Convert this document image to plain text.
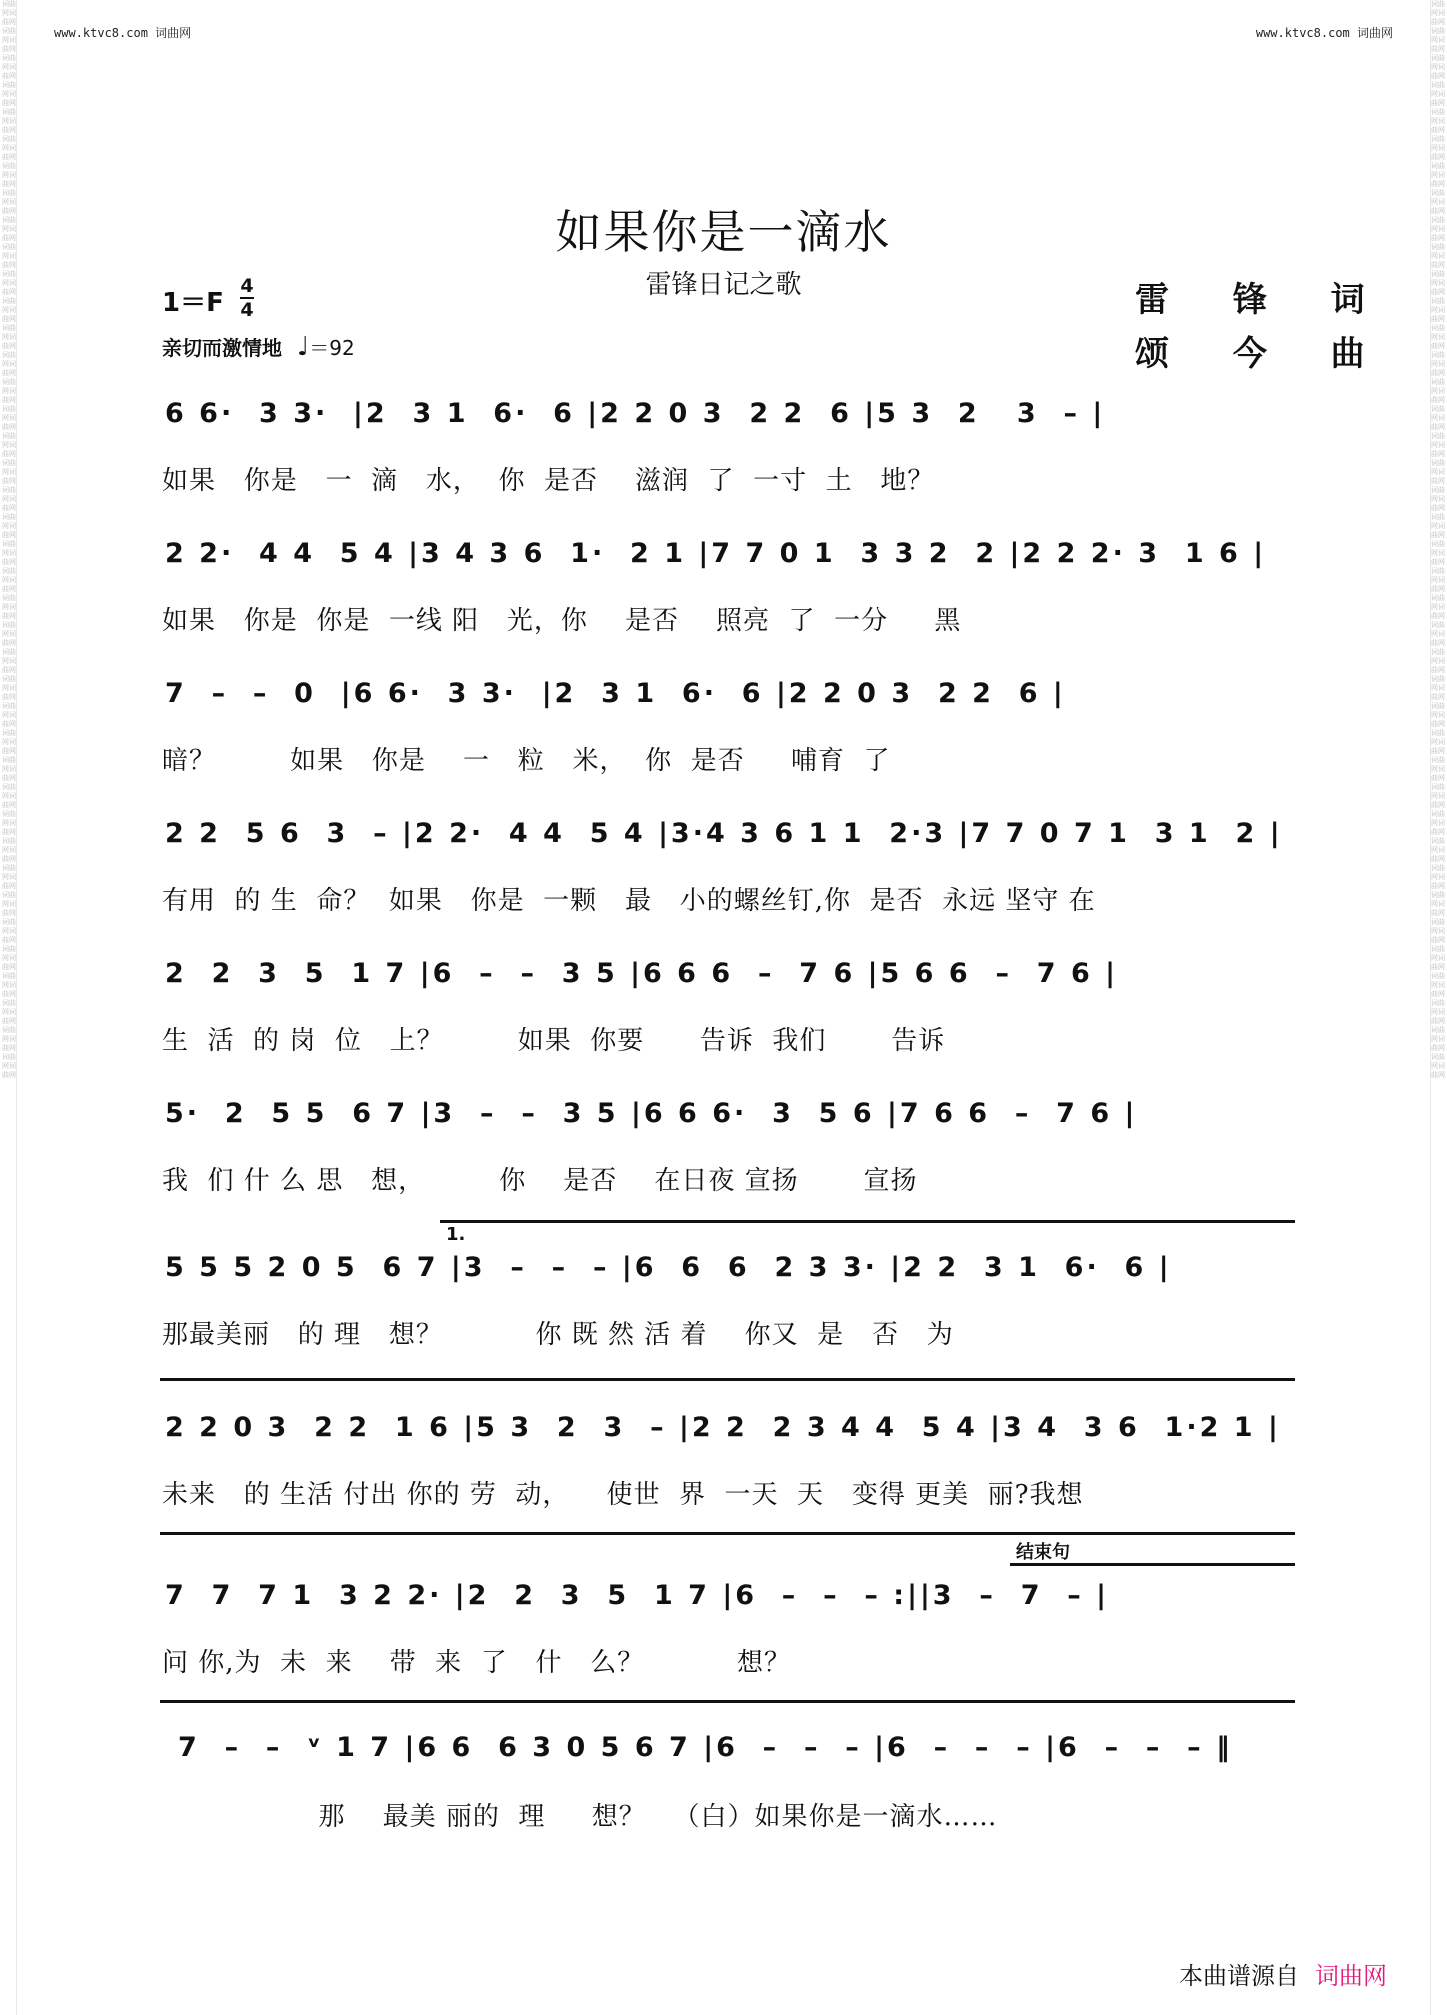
www.ktvc8.com 词曲网	www.ktvc8.com 词曲网
词曲网词曲网词曲网词曲网词曲网词曲网词曲网词曲网词曲网词曲网词曲网词曲网词曲网词曲网词曲网词曲网词曲网词曲网词曲网词曲网词曲网词曲网词曲网词曲网词曲网词曲网词曲网词曲网词曲网词曲网词曲网词曲网词曲网词曲网词曲网词曲网词曲网词曲网词曲网词曲网词曲网词曲网词曲网词曲网词曲网词曲网词曲网词曲网词曲网词曲网词曲网词曲网词曲网词曲网词曲网词曲网词曲网词曲网词曲网词曲网词曲网词曲网词曲网词曲网词曲网词曲网词曲网词曲网词曲网词曲网词曲网词曲网词曲网词曲网词曲网词曲网词曲网词曲网词曲网词曲网
词曲网词曲网词曲网词曲网词曲网词曲网词曲网词曲网词曲网词曲网词曲网词曲网词曲网词曲网词曲网词曲网词曲网词曲网词曲网词曲网词曲网词曲网词曲网词曲网词曲网词曲网词曲网词曲网词曲网词曲网词曲网词曲网词曲网词曲网词曲网词曲网词曲网词曲网词曲网词曲网词曲网词曲网词曲网词曲网词曲网词曲网词曲网词曲网词曲网词曲网词曲网词曲网词曲网词曲网词曲网词曲网词曲网词曲网词曲网词曲网词曲网词曲网词曲网词曲网词曲网词曲网词曲网词曲网词曲网词曲网词曲网词曲网词曲网词曲网词曲网词曲网词曲网词曲网词曲网词曲网
如果你是一滴水
雷锋日记之歌
1＝F
4
4
亲切而激情地 ♩＝92
雷 锋 词
颂 今 曲
6 6·  3 3·  |2  3 1  6·  6 |2 2 0 3  2 2  6 |5 3  2   3  – |
如果   你是   一  滴   水，  你  是否    滋润  了  一寸  土   地？
2 2·  4 4  5 4 |3 4 3 6  1·  2 1 |7 7 0 1  3 3 2  2 |2 2 2· 3  1 6 |
如果   你是  你是  一线 阳   光，你    是否    照亮  了  一分     黑
7  –  –  0  |6 6·  3 3·  |2  3 1  6·  6 |2 2 0 3  2 2  6 |
暗？        如果   你是    一   粒   米，  你  是否     哺育  了
2 2  5 6  3  – |2 2·  4 4  5 4 |3·4 3 6 1 1  2·3 |7 7 0 7 1  3 1  2 |
有用  的 生  命？  如果   你是  一颗   最   小的螺丝钉,你  是否  永远 坚守 在
2  2  3  5  1 7 |6  –  –  3 5 |6 6 6  –  7 6 |5 6 6  –  7 6 |
生  活  的 岗  位   上？        如果  你要      告诉  我们       告诉
5·  2  5 5  6 7 |3  –  –  3 5 |6 6 6·  3  5 6 |7 6 6  –  7 6 |
我  们 什 么 思   想，        你    是否    在日夜 宣扬       宣扬
1.
5 5 5 2 0 5  6 7 |3  –  –  – |6  6  6  2 3 3· |2 2  3 1  6·  6 |
那最美丽   的 理   想？          你 既 然 活 着    你又  是   否   为
2 2 0 3  2 2  1 6 |5 3  2  3  – |2 2  2 3 4 4  5 4 |3 4  3 6  1·2 1 |
未来   的 生活 付出 你的 劳  动，    使世  界  一天  天   变得 更美  丽?我想
结束句
7  7  7 1  3 2 2· |2  2  3  5  1 7 |6  –  –  – :||3  –  7  – |
问 你,为  未  来    带  来  了   什   么？          想？
7  –  –  ᵛ 1 7 |6 6  6 3 0 5 6 7 |6  –  –  – |6  –  –  – |6  –  –  – ‖
那    最美 丽的  理     想？   （白）如果你是一滴水……
本曲谱源自 词曲网
